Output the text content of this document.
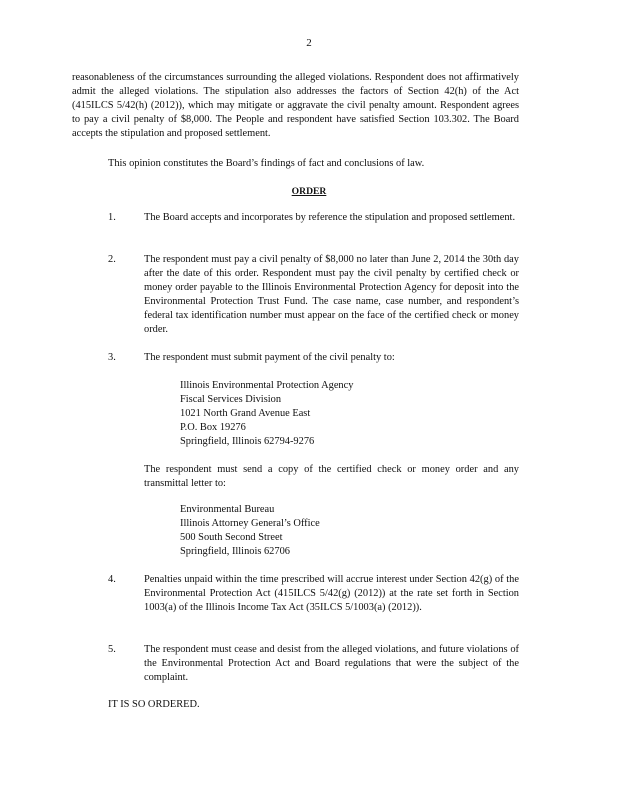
2
reasonableness of the circumstances surrounding the alleged violations. Respondent does not affirmatively admit the alleged violations. The stipulation also addresses the factors of Section 42(h) of the Act (415ILCS 5/42(h) (2012)), which may mitigate or aggravate the civil penalty amount. Respondent agrees to pay a civil penalty of $8,000. The People and respondent have satisfied Section 103.302. The Board accepts the stipulation and proposed settlement.
This opinion constitutes the Board’s findings of fact and conclusions of law.
ORDER
1.	The Board accepts and incorporates by reference the stipulation and proposed settlement.
2.	The respondent must pay a civil penalty of $8,000 no later than June 2, 2014 the 30th day after the date of this order. Respondent must pay the civil penalty by certified check or money order payable to the Illinois Environmental Protection Agency for deposit into the Environmental Protection Trust Fund. The case name, case number, and respondent’s federal tax identification number must appear on the face of the certified check or money order.
3.	The respondent must submit payment of the civil penalty to:
Illinois Environmental Protection Agency
Fiscal Services Division
1021 North Grand Avenue East
P.O. Box 19276
Springfield, Illinois 62794-9276
The respondent must send a copy of the certified check or money order and any transmittal letter to:
Environmental Bureau
Illinois Attorney General’s Office
500 South Second Street
Springfield, Illinois 62706
4.	Penalties unpaid within the time prescribed will accrue interest under Section 42(g) of the Environmental Protection Act (415ILCS 5/42(g) (2012)) at the rate set forth in Section 1003(a) of the Illinois Income Tax Act (35ILCS 5/1003(a) (2012)).
5.	The respondent must cease and desist from the alleged violations, and future violations of the Environmental Protection Act and Board regulations that were the subject of the complaint.
IT IS SO ORDERED.
